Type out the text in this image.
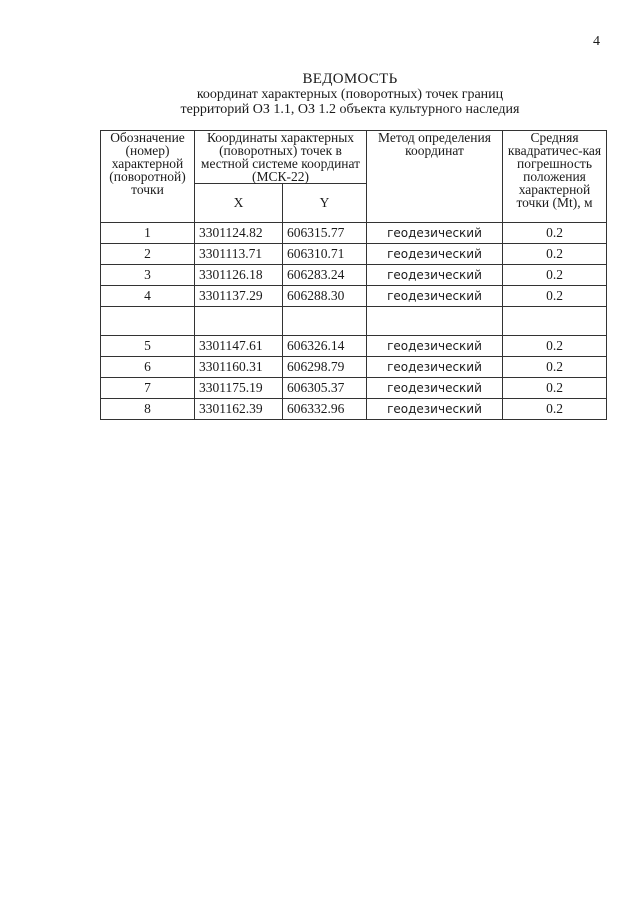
4
ВЕДОМОСТЬ
координат характерных (поворотных) точек границ
территорий ОЗ 1.1, ОЗ 1.2 объекта культурного наследия
Обозначение (номер) характерной (поворотной) точки	Координаты характерных (поворотных) точек в местной системе координат (МСК-22)		Метод определения координат	Средняя квадратичес-кая погрешность положения характерной точки (Mt), м
	X	Y		
1	3301124.82	606315.77	геодезический	0.2
2	3301113.71	606310.71	геодезический	0.2
3	3301126.18	606283.24	геодезический	0.2
4	3301137.29	606288.30	геодезический	0.2

5	3301147.61	606326.14	геодезический	0.2
6	3301160.31	606298.79	геодезический	0.2
7	3301175.19	606305.37	геодезический	0.2
8	3301162.39	606332.96	геодезический	0.2
